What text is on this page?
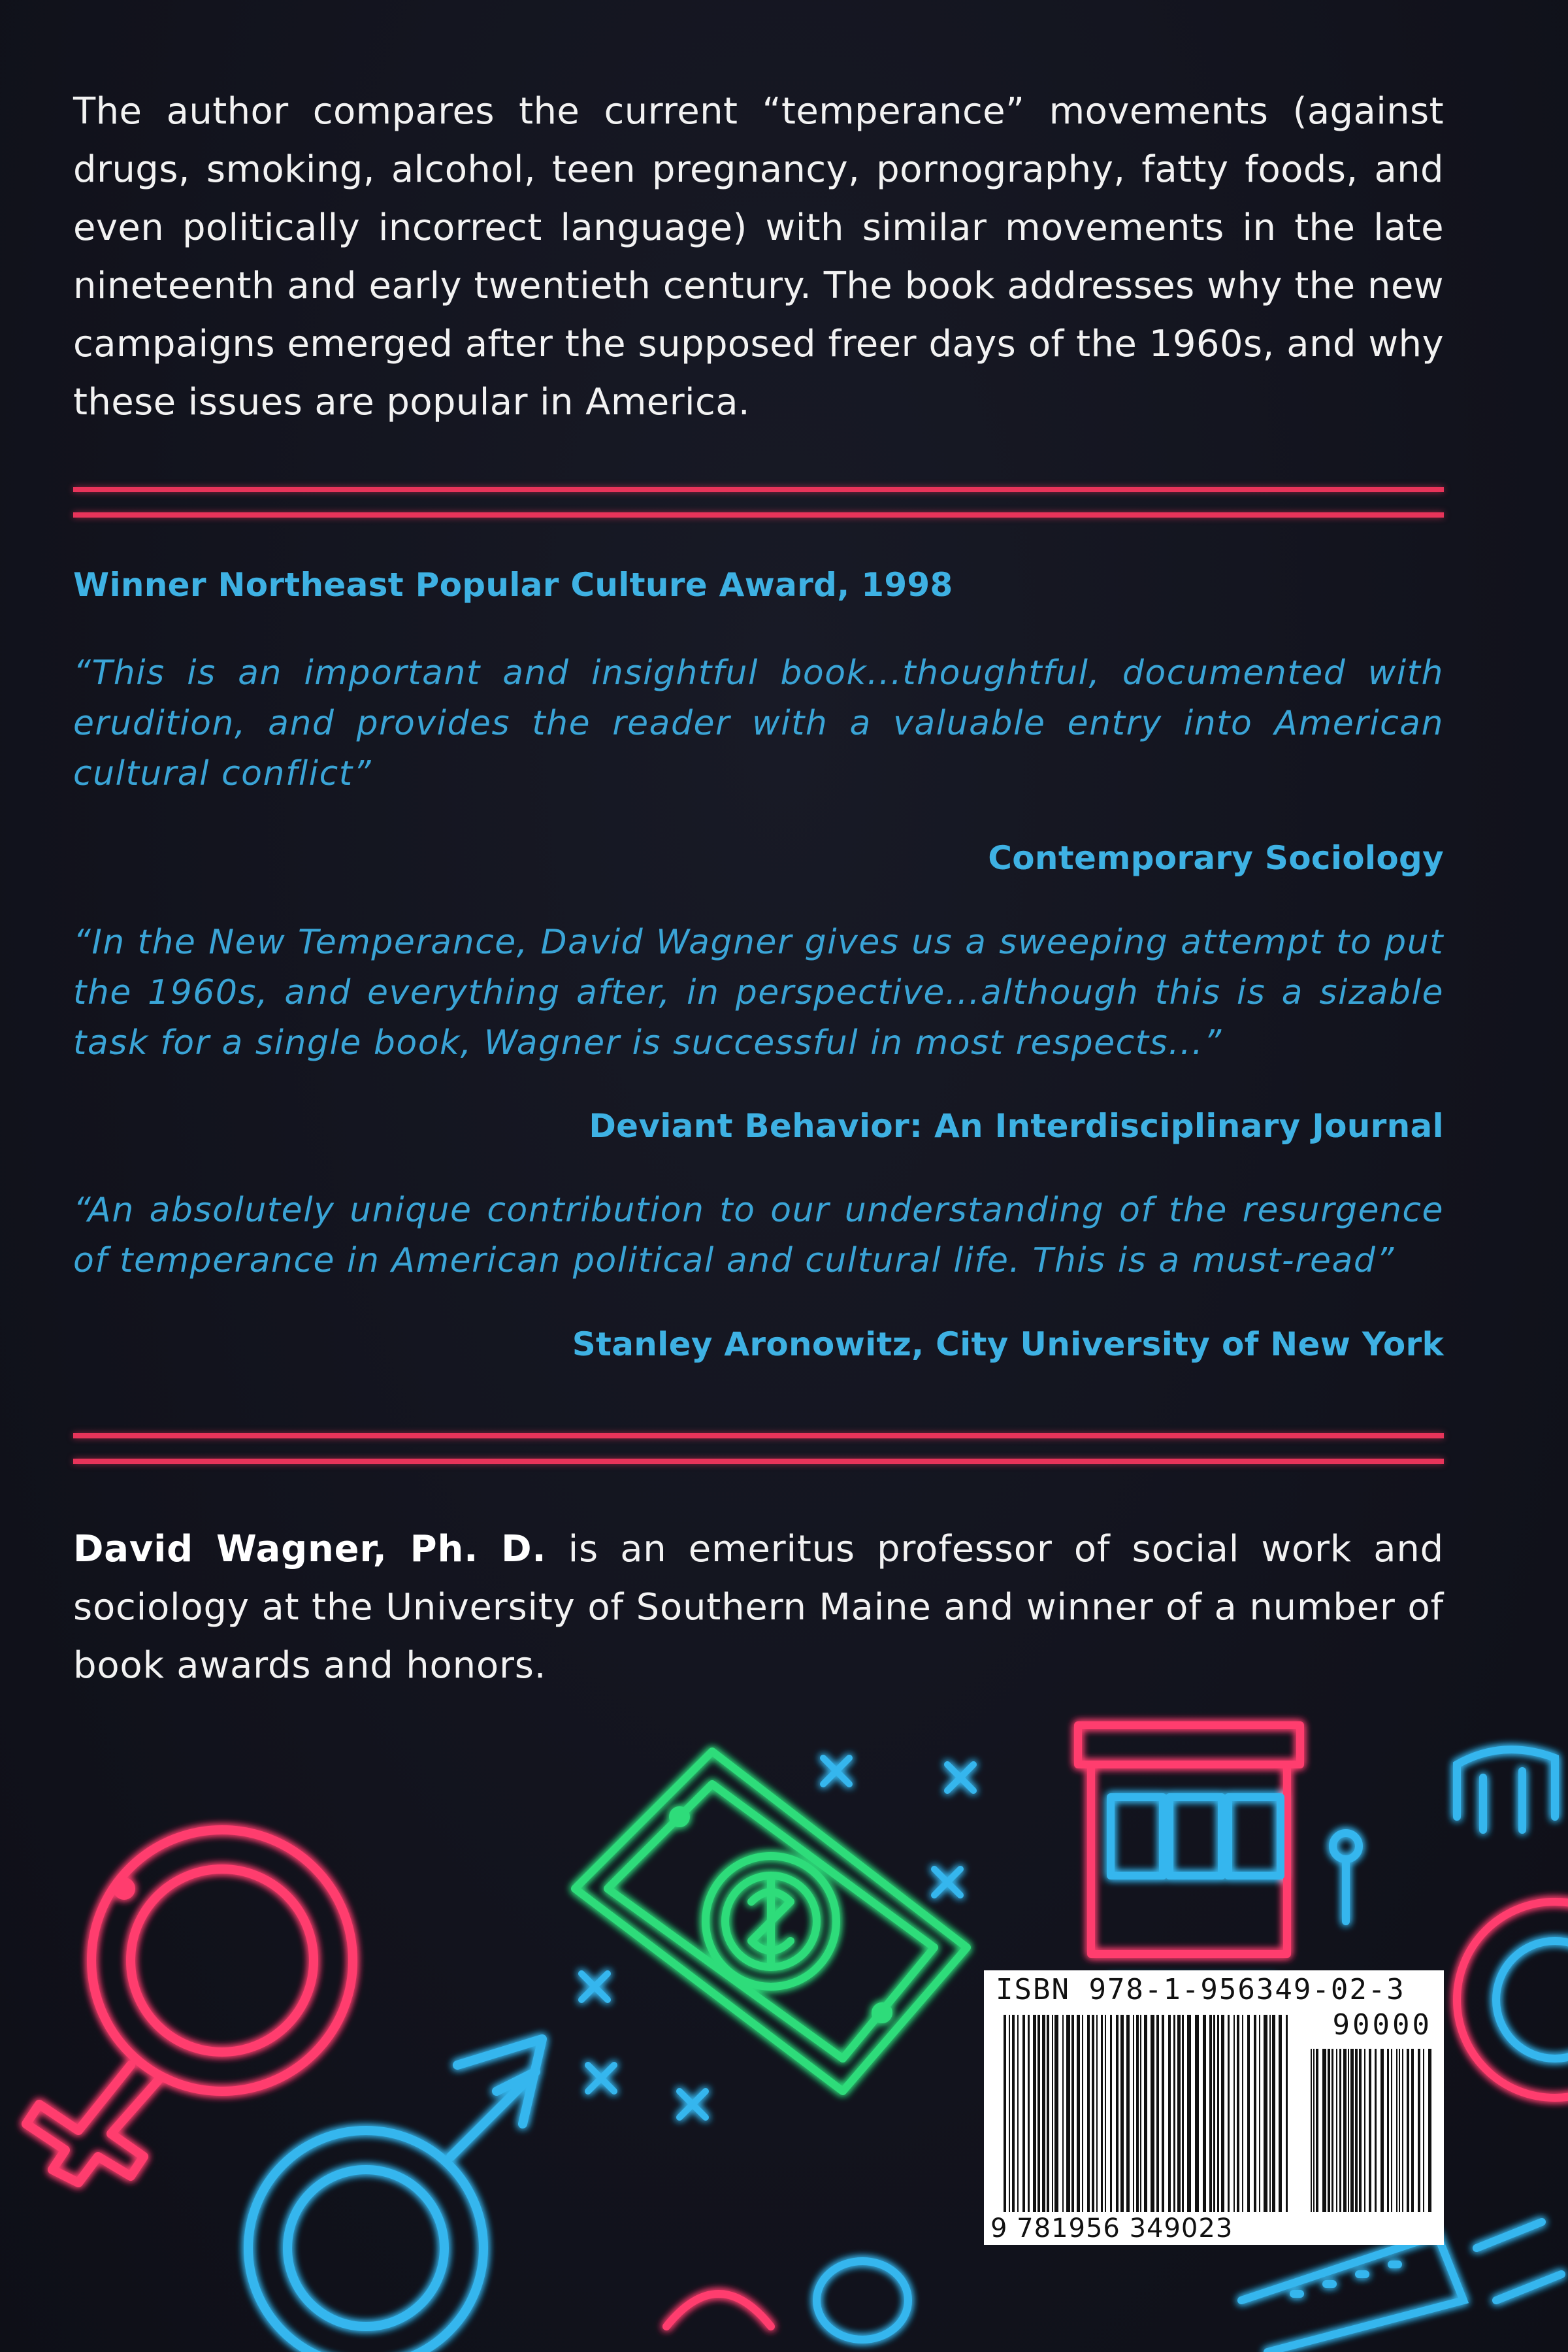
The author compares the current “temperance” movements (against drugs, smoking, alcohol, teen pregnancy, pornography, fatty foods, and even politically incorrect language) with similar movements in the late nineteenth and early twentieth century. The book addresses why the new campaigns emerged after the supposed freer days of the 1960s, and why these issues are popular in America.

Winner Northeast Popular Culture Award, 1998

“This is an important and insightful book...thoughtful, documented with erudition, and provides the reader with a valuable entry into American cultural conflict”

Contemporary Sociology

“In the New Temperance, David Wagner gives us a sweeping attempt to put the 1960s, and everything after, in perspective...although this is a sizable task for a single book, Wagner is successful in most respects...”

Deviant Behavior: An Interdisciplinary Journal

“An absolutely unique contribution to our understanding of the resurgence of temperance in American political and cultural life. This is a must-read”

Stanley Aronowitz, City University of New York

David Wagner, Ph. D. is an emeritus professor of social work and sociology at the University of Southern Maine and winner of a number of book awards and honors.

ISBN 978-1-956349-02-3
90000
9 781956 349023
